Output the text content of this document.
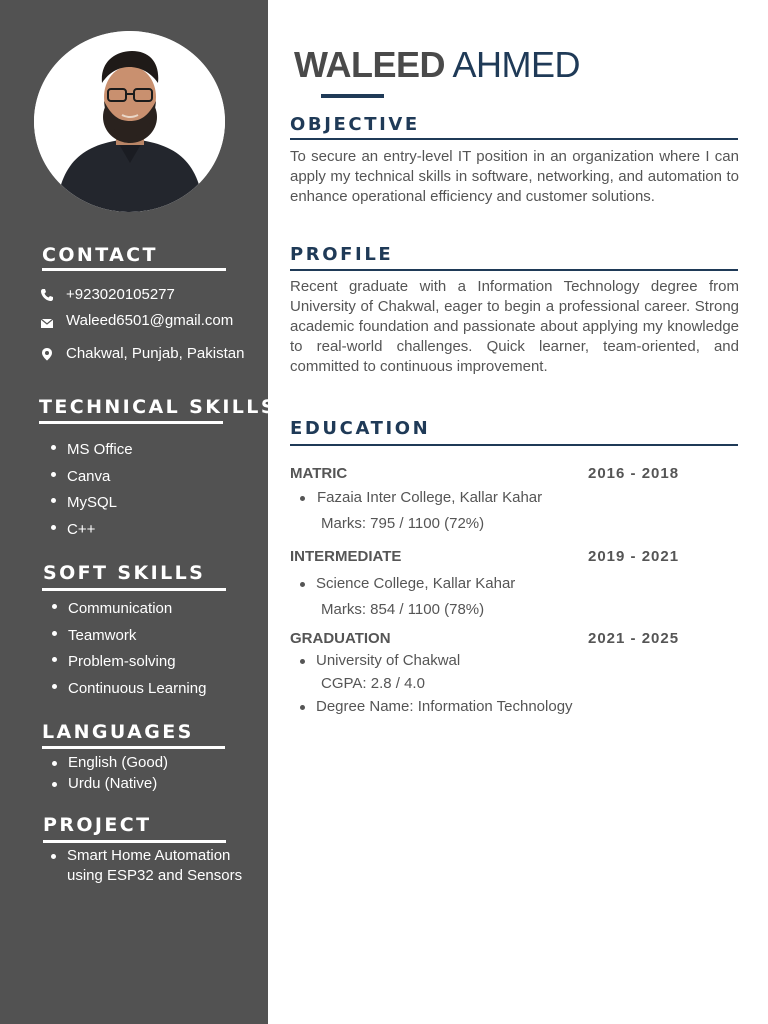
CONTACT
+923020105277
Waleed6501@gmail.com
Chakwal, Punjab, Pakistan
TECHNICAL SKILLS
MS Office
Canva
MySQL
C++
SOFT SKILLS
Communication
Teamwork
Problem-solving
Continuous Learning
LANGUAGES
English (Good)
Urdu (Native)
PROJECT
Smart Home Automation
using ESP32 and Sensors
WALEED AHMED
OBJECTIVE

To secure an entry-level IT position in an organization where I can apply my technical skills in software, networking, and automation to enhance operational efficiency and customer solutions.

PROFILE

Recent graduate with a Information Technology degree from University of Chakwal, eager to begin a professional career. Strong academic foundation and passionate about applying my knowledge to real-world challenges. Quick learner, team-oriented, and committed to continuous improvement.

EDUCATION
MATRIC	2016 - 2018
Fazaia Inter College, Kallar Kahar
Marks: 795 / 1100 (72%)
INTERMEDIATE	2019 - 2021
Science College, Kallar Kahar
Marks: 854 / 1100 (78%)
GRADUATION	2021 - 2025
University of Chakwal
CGPA: 2.8 / 4.0
Degree Name: Information Technology
